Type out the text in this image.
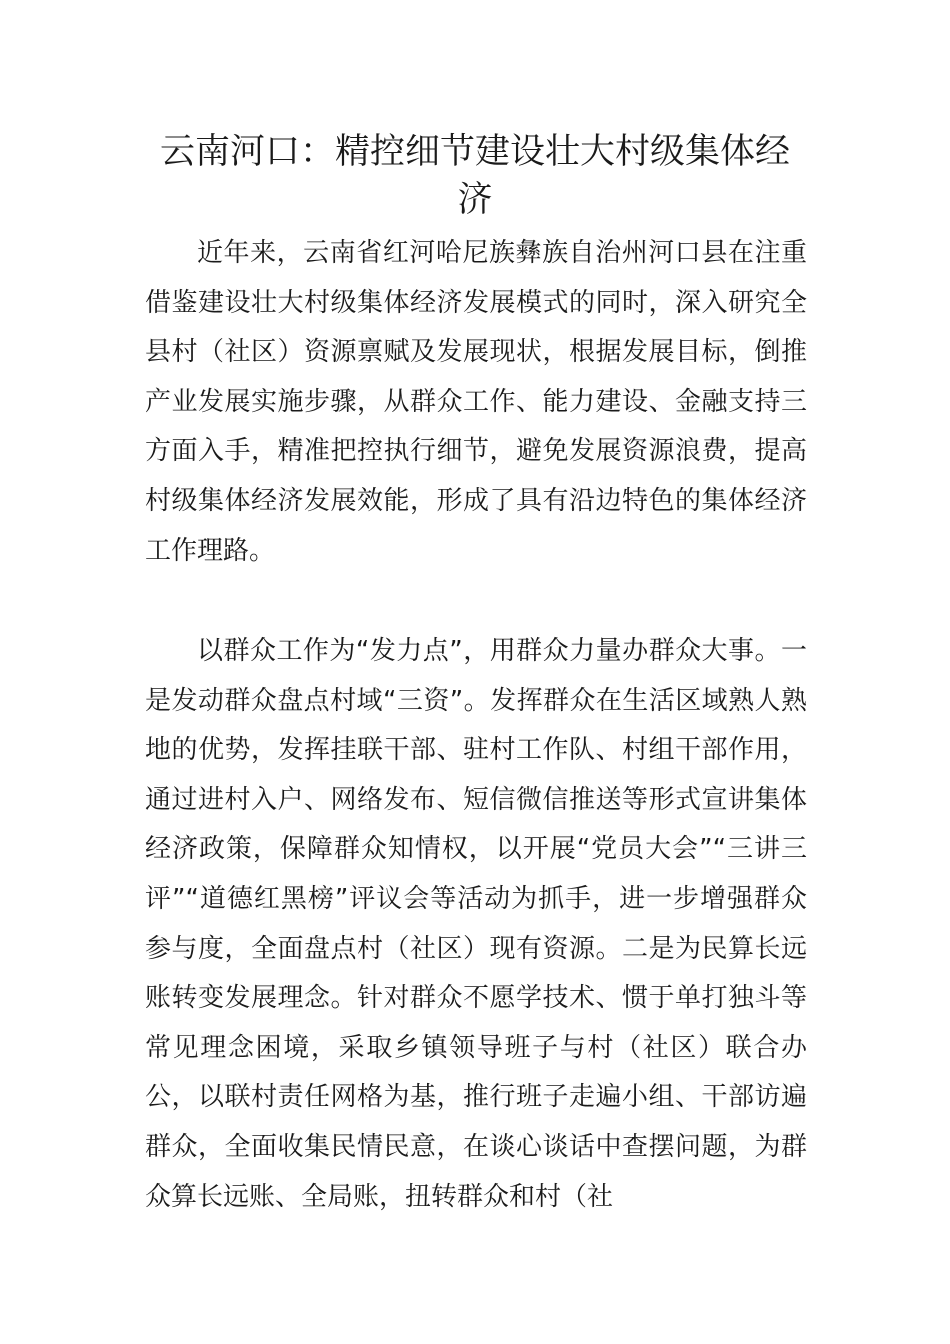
云南河口：精控细节建设壮大村级集体经济

近年来，云南省红河哈尼族彝族自治州河口县在注重借鉴建设壮大村级集体经济发展模式的同时，深入研究全县村（社区）资源禀赋及发展现状，根据发展目标，倒推产业发展实施步骤，从群众工作、能力建设、金融支持三方面入手，精准把控执行细节，避免发展资源浪费，提高村级集体经济发展效能，形成了具有沿边特色的集体经济工作理路。

以群众工作为“发力点”，用群众力量办群众大事。一是发动群众盘点村域“三资”。发挥群众在生活区域熟人熟地的优势，发挥挂联干部、驻村工作队、村组干部作用，通过进村入户、网络发布、短信微信推送等形式宣讲集体经济政策，保障群众知情权，以开展“党员大会”“三讲三评”“道德红黑榜”评议会等活动为抓手，进一步增强群众参与度，全面盘点村（社区）现有资源。二是为民算长远账转变发展理念。针对群众不愿学技术、惯于单打独斗等常见理念困境，采取乡镇领导班子与村（社区）联合办公，以联村责任网格为基，推行班子走遍小组、干部访遍群众，全面收集民情民意，在谈心谈话中查摆问题，为群众算长远账、全局账，扭转群众和村（社
